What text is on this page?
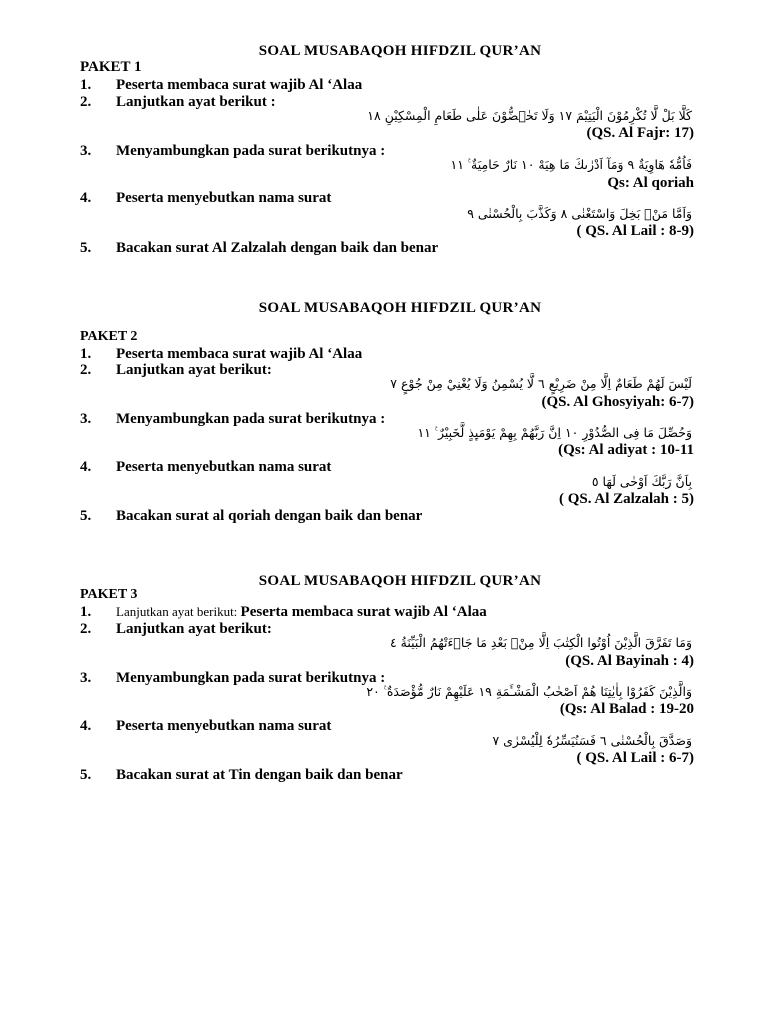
SOAL MUSABAQOH HIFDZIL QUR’AN
PAKET 1
1. Peserta membaca surat wajib Al ‘Alaa
2. Lanjutkan ayat berikut :
كَلَّا بَلْ لَّا تُكْرِمُوْنَ الْيَتِيْمَ ١٧ وَلَا تَحٰۤضُّوْنَ عَلٰى طَعَامِ الْمِسْكِيْنِ ١٨
(QS. Al Fajr: 17)
3. Menyambungkan pada surat berikutnya :
فَاُمُّهٗ هَاوِيَةٌ ٩ وَمَآ اَدْرٰىكَ مَا هِيَهْ ١٠ نَارٌ حَامِيَةٌ ࣖ ١١
Qs: Al qoriah
4. Peserta menyebutkan nama surat
وَاَمَّا مَنْۢ بَخِلَ وَاسْتَغْنٰى ٨ وَكَذَّبَ بِالْحُسْنٰى ٩
( QS. Al Lail : 8-9)
5. Bacakan surat Al Zalzalah dengan baik dan benar
SOAL MUSABAQOH HIFDZIL QUR’AN
PAKET 2
1. Peserta membaca surat wajib Al ‘Alaa
2. Lanjutkan ayat berikut:
لَيْسَ لَهُمْ طَعَامٌ اِلَّا مِنْ ضَرِيْعٍ ٦ لَّا يُسْمِنُ وَلَا يُغْنِيْ مِنْ جُوْعٍ ٧
(QS. Al Ghosyiyah: 6-7)
3. Menyambungkan pada surat berikutnya :
وَحُصِّلَ مَا فِى الصُّدُوْرِ ١٠ اِنَّ رَبَّهُمْ بِهِمْ يَوْمَىِٕذٍ لَّخَبِيْرٌ ࣖ ١١
(Qs: Al adiyat : 10-11
4. Peserta menyebutkan nama surat
بِاَنَّ رَبَّكَ اَوْحٰى لَهَا ٥
( QS. Al Zalzalah : 5)
5. Bacakan surat al qoriah dengan baik dan benar
SOAL MUSABAQOH HIFDZIL QUR’AN
PAKET 3
1. Lanjutkan ayat berikut: Peserta membaca surat wajib Al ‘Alaa
2. Lanjutkan ayat berikut:
وَمَا تَفَرَّقَ الَّذِيْنَ اُوْتُوا الْكِتٰبَ اِلَّا مِنْۢ بَعْدِ مَا جَاۤءَتْهُمُ الْبَيِّنَةُ ٤
(QS. Al Bayinah : 4)
3. Menyambungkan pada surat berikutnya :
وَالَّذِيْنَ كَفَرُوْا بِاٰيٰتِنَا هُمْ اَصْحٰبُ الْمَشْـَٔمَةِ ١٩ عَلَيْهِمْ نَارٌ مُّؤْصَدَةٌ ࣖ ٢٠
(Qs: Al Balad : 19-20
4. Peserta menyebutkan nama surat
وَصَدَّقَ بِالْحُسْنٰى ٦ فَسَنُيَسِّرُهٗ لِلْيُسْرٰى ٧
( QS. Al Lail : 6-7)
5. Bacakan surat at Tin dengan baik dan benar
